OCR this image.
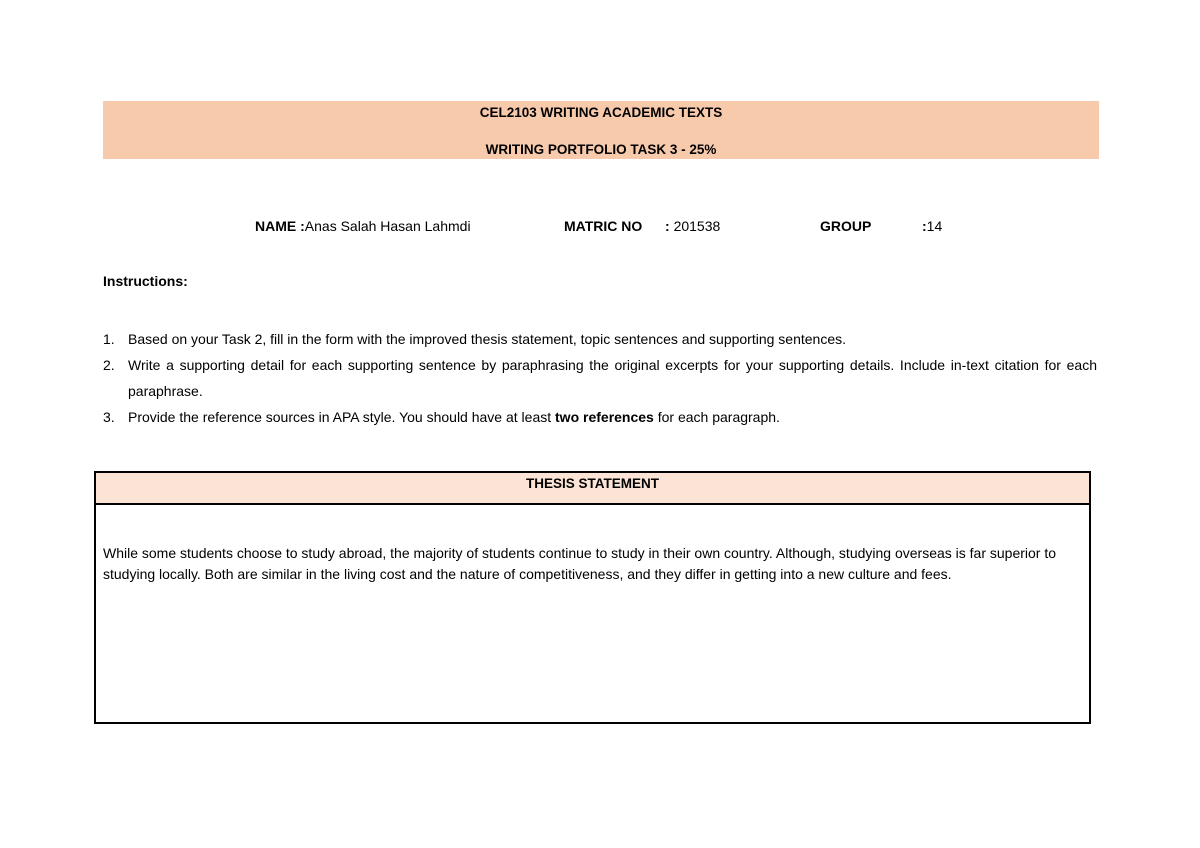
CEL2103 WRITING ACADEMIC TEXTS
WRITING PORTFOLIO TASK 3 - 25%
NAME :Anas Salah Hasan Lahmdi	MATRIC NO : 201538	GROUP	:14
Instructions:
1. Based on your Task 2, fill in the form with the improved thesis statement, topic sentences and supporting sentences.
2. Write a supporting detail for each supporting sentence by paraphrasing the original excerpts for your supporting details. Include in-text citation for each paraphrase.
3. Provide the reference sources in APA style. You should have at least two references for each paragraph.
THESIS STATEMENT
While some students choose to study abroad, the majority of students continue to study in their own country. Although, studying overseas is far superior to studying locally. Both are similar in the living cost and the nature of competitiveness, and they differ in getting into a new culture and fees.
